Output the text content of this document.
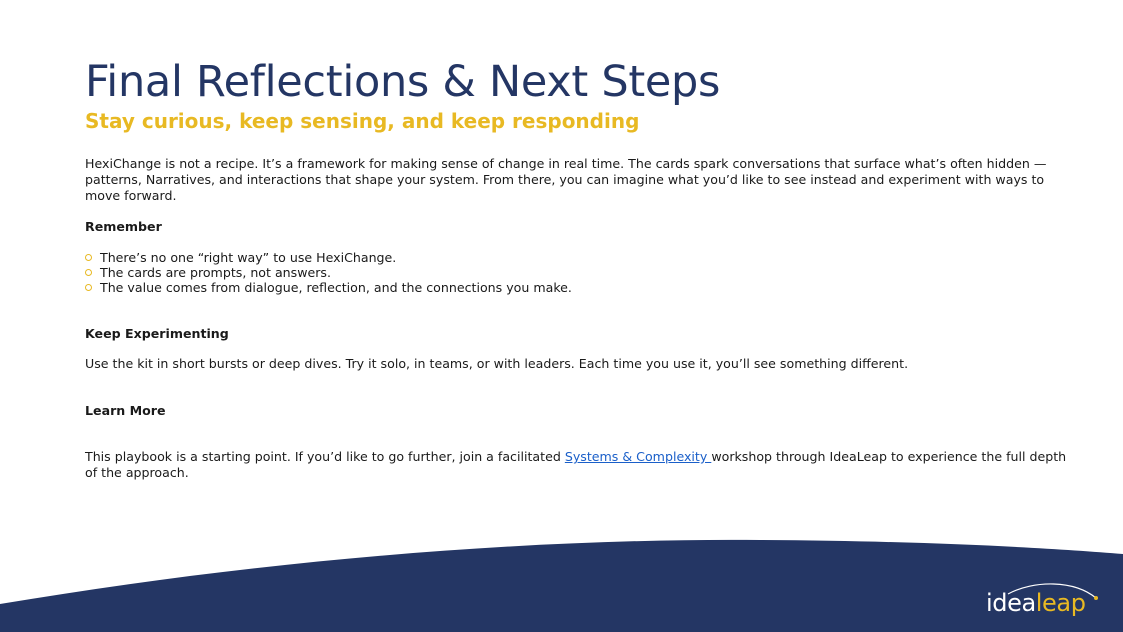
Final Reflections & Next Steps
Stay curious, keep sensing, and keep responding

HexiChange is not a recipe. It’s a framework for making sense of change in real time. The cards spark conversations that surface what’s often hidden —

patterns, Narratives, and interactions that shape your system. From there, you can imagine what you’d like to see instead and experiment with ways to

move forward.

Remember

There’s no one “right way” to use HexiChange.
The cards are prompts, not answers.
The value comes from dialogue, reflection, and the connections you make.

Keep Experimenting

Use the kit in short bursts or deep dives. Try it solo, in teams, or with leaders. Each time you use it, you’ll see something different.

Learn More

This playbook is a starting point. If you’d like to go further, join a facilitated Systems & Complexity workshop through IdeaLeap to experience the full depth

of the approach.

idealeap
